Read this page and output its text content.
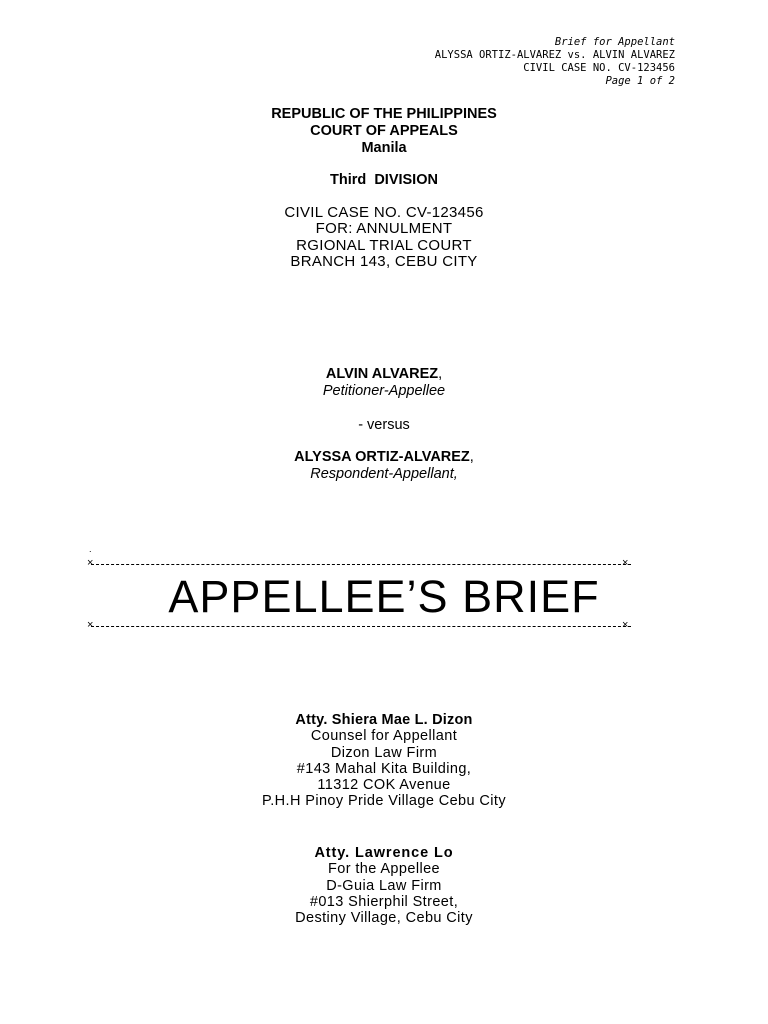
Brief for Appellant
ALYSSA ORTIZ-ALVAREZ vs. ALVIN ALVAREZ
CIVIL CASE NO. CV-123456
Page 1 of 2
REPUBLIC OF THE PHILIPPINES
COURT OF APPEALS
Manila
Third  DIVISION
CIVIL CASE NO. CV-123456
FOR: ANNULMENT
RGIONAL TRIAL COURT
BRANCH 143, CEBU CITY
ALVIN ALVAREZ,
Petitioner-Appellee
- versus
ALYSSA ORTIZ-ALVAREZ,
Respondent-Appellant,
.
×	×
APPELLEE’S BRIEF
×	×
Atty. Shiera Mae L. Dizon
Counsel for Appellant
Dizon Law Firm
#143 Mahal Kita Building,
11312 COK Avenue
P.H.H Pinoy Pride Village Cebu City
Atty. Lawrence Lo
For the Appellee
D-Guia Law Firm
#013 Shierphil Street,
Destiny Village, Cebu City
